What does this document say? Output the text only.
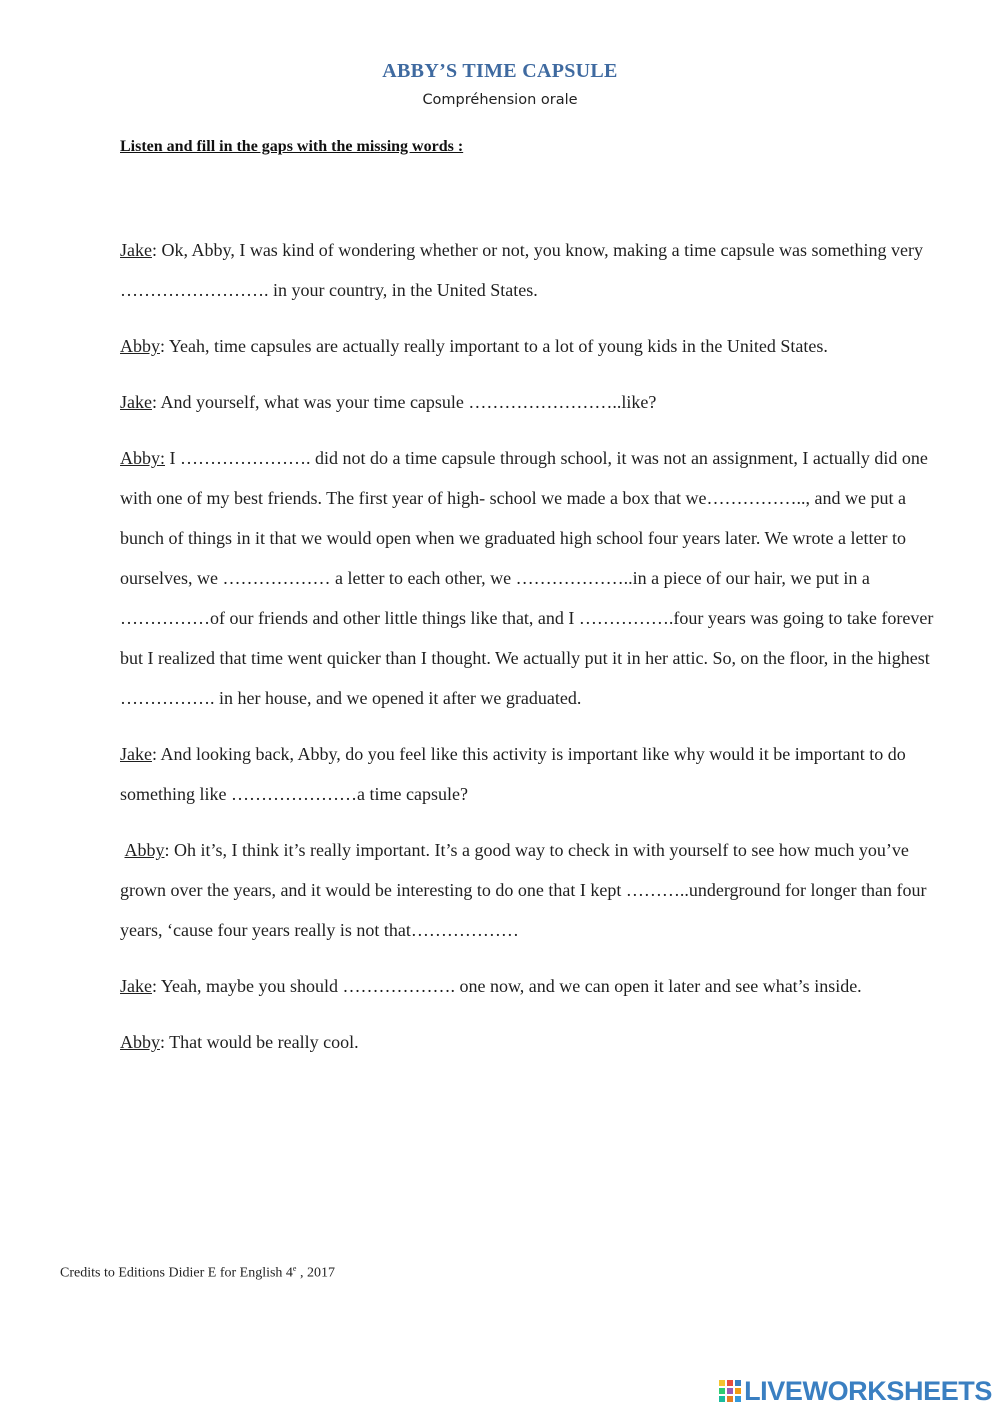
ABBY’S TIME CAPSULE
Compréhension orale
Listen and fill in the gaps with the missing words :

Jake: Ok, Abby, I was kind of wondering whether or not, you know, making a time capsule was something very ……………………. in your country, in the United States.

Abby: Yeah, time capsules are actually really important to a lot of young kids in the United States.

Jake: And yourself, what was your time capsule ……………………..like?

Abby: I …………………. did not do a time capsule through school, it was not an assignment, I actually did one with one of my best friends. The first year of high- school we made a box that we…………….., and we put a bunch of things in it that we would open when we graduated high school four years later. We wrote a letter to ourselves, we ……………… a letter to each other, we ………………..in a piece of our hair, we put in a ……………of our friends and other little things like that, and I …………….four years was going to take forever but I realized that time went quicker than I thought. We actually put it in her attic. So, on the floor, in the highest ……………. in her house, and we opened it after we graduated.

Jake: And looking back, Abby, do you feel like this activity is important like why would it be important to do something like …………………a time capsule?

Abby: Oh it’s, I think it’s really important. It’s a good way to check in with yourself to see how much you’ve grown over the years, and it would be interesting to do one that I kept ………..underground for longer than four years, ‘cause four years really is not that………………

Jake: Yeah, maybe you should ………………. one now, and we can open it later and see what’s inside.

Abby: That would be really cool.

Credits to Editions Didier E for English 4e , 2017
LIVEWORKSHEETS
